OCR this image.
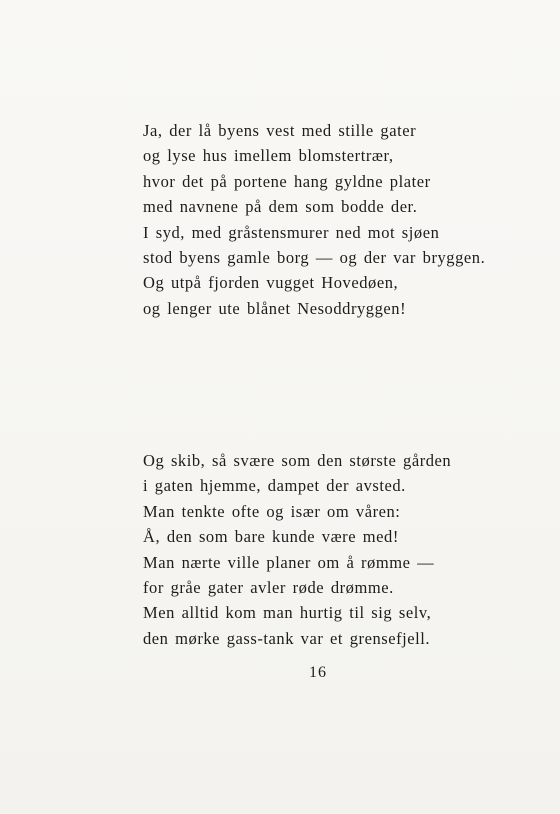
Ja, der lå byens vest med stille gater
og lyse hus imellem blomstertrær,
hvor det på portene hang gyldne plater
med navnene på dem som bodde der.
I syd, med gråstensmurer ned mot sjøen
stod byens gamle borg — og der var bryggen.
Og utpå fjorden vugget Hovedøen,
og lenger ute blånet Nesoddryggen!
Og skib, så svære som den største gården
i gaten hjemme, dampet der avsted.
Man tenkte ofte og især om våren:
Å, den som bare kunde være med!
Man nærte ville planer om å rømme —
for gråe gater avler røde drømme.
Men alltid kom man hurtig til sig selv,
den mørke gass-tank var et grensefjell.
16
